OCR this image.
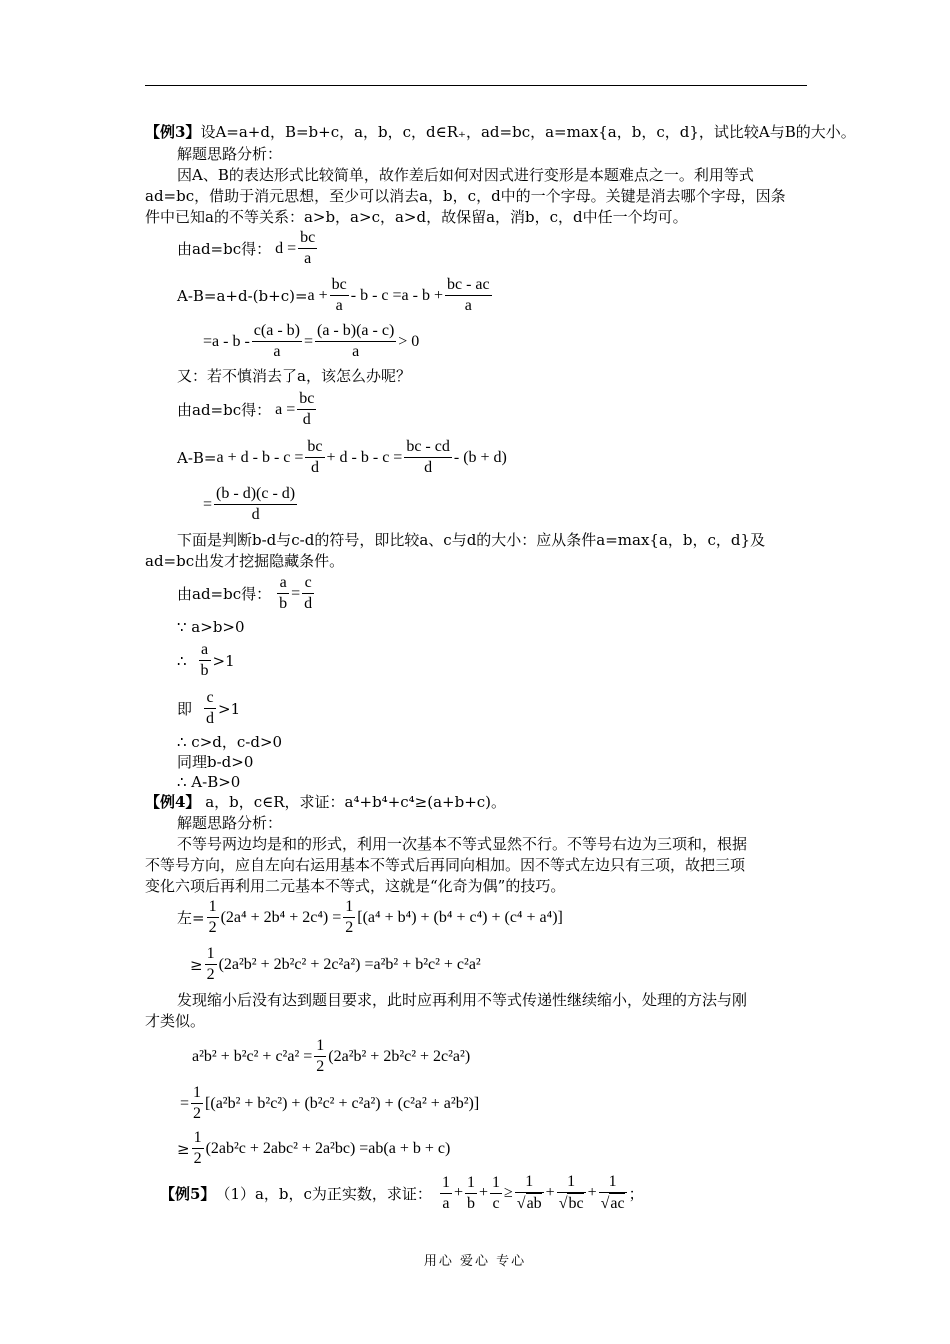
【例3】设A=a+d，B=b+c，a，b，c，d∈R₊，ad=bc，a=max{a，b，c，d}，试比较A与B的大小。
解题思路分析：
因A、B的表达形式比较简单，故作差后如何对因式进行变形是本题难点之一。利用等式
ad=bc，借助于消元思想，至少可以消去a，b，c，d中的一个字母。关键是消去哪个字母，因条
件中已知a的不等关系：a>b，a>c，a>d，故保留a，消b，c，d中任一个均可。
由ad=bc得： $d = \frac{bc}{a}$
$A-B=a+d-(b+c)= a + \frac{bc}{a} - b - c =a - b + \frac{bc - ac}{a}$
$=a - b - \frac{c(a - b)}{a} = \frac{(a - b)(a - c)}{a} > 0$
又：若不慎消去了a，该怎么办呢？
由ad=bc得： $a = \frac{bc}{d}$
$A-B= a + d - b - c = \frac{bc}{d} + d - b - c = \frac{bc - cd}{d} - (b + d)$
= $\frac{(b - d)(c - d)}{d}$
下面是判断b-d与c-d的符号，即比较a、c与d的大小：应从条件a=max{a，b，c，d}及
ad=bc出发才挖掘隐藏条件。
由ad=bc得： $\frac{a}{b} = \frac{c}{d}$
∵ a>b>0
∴ $\frac{a}{b} >1$
即 $\frac{c}{d} >1$
∴ c>d，c-d>0
同理b-d>0
∴ A-B>0
【例4】 a，b，c∈R，求证：a⁴+b⁴+c⁴≥(a+b+c)。
解题思路分析：
不等号两边均是和的形式，利用一次基本不等式显然不行。不等号右边为三项和，根据
不等号方向，应自左向右运用基本不等式后再同向相加。因不等式左边只有三项，故把三项
变化六项后再利用二元基本不等式，这就是“化奇为偶”的技巧。
左= $\frac{1}{2} (2a^4 + 2b^4 + 2c^4) = \frac{1}{2} [(a^4 + b^4) + (b^4 + c^4) + (c^4 + a^4)]$
≥ $\frac{1}{2} (2a^2b^2 + 2b^2c^2 + 2c^2a^2) =a^2b^2 + b^2c^2 + c^2a^2$
发现缩小后没有达到题目要求，此时应再利用不等式传递性继续缩小，处理的方法与刚
才类似。
$a^2b^2 + b^2c^2 + c^2a^2 = \frac{1}{2} (2a^2b^2 + 2b^2c^2 + 2c^2a^2)$
= $\frac{1}{2} [(a^2b^2 + b^2c^2) + (b^2c^2 + c^2a^2) + (c^2a^2 + a^2b^2)]$
≥ $\frac{1}{2} (2ab^2c + 2abc^2 + 2a^2bc) =ab(a + b + c)$
【例5】 （1）a，b，c为正实数，求证： $\frac{1}{a} + \frac{1}{b} + \frac{1}{c} \ge \frac{1}{√ab} + \frac{1}{√bc} + \frac{1}{√ac}$ ；
用心 爱心 专心
